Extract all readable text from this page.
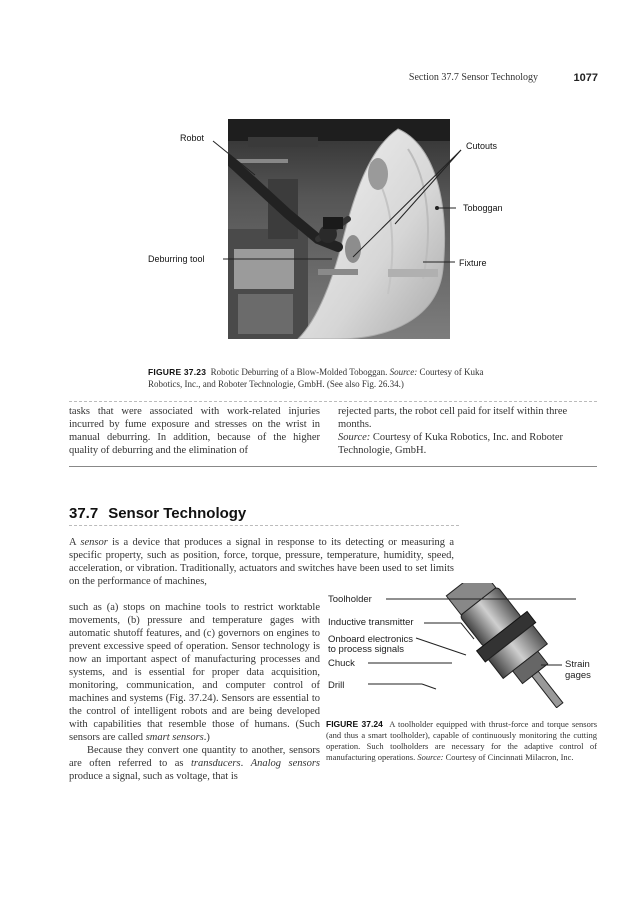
Section 37.7 Sensor Technology	1077
Robot
Deburring tool
Cutouts
Toboggan
Fixture
FIGURE 37.23 Robotic Deburring of a Blow-Molded Toboggan. Source: Courtesy of Kuka Robotics, Inc., and Roboter Technologie, GmbH. (See also Fig. 26.34.)
tasks that were associated with work-related injuries incurred by fume exposure and stresses on the wrist in manual deburring. In addition, because of the higher quality of deburring and the elimination of
rejected parts, the robot cell paid for itself within three months.
Source: Courtesy of Kuka Robotics, Inc. and Roboter Technologie, GmbH.
37.7 Sensor Technology
A sensor is a device that produces a signal in response to its detecting or measuring a specific property, such as position, force, torque, pressure, temperature, humidity, speed, acceleration, or vibration. Traditionally, actuators and switches have been used to set limits on the performance of machines,
such as (a) stops on machine tools to restrict worktable movements, (b) pressure and temperature gages with automatic shutoff features, and (c) governors on engines to prevent excessive speed of operation. Sensor technology is now an important aspect of manufacturing processes and systems, and is essential for proper data acquisition, monitoring, communication, and computer control of machines and systems (Fig. 37.24). Sensors are essential to the control of intelligent robots and are being developed with capabilities that resemble those of humans. (Such sensors are called smart sensors.)
Because they convert one quantity to another, sensors are often referred to as transducers. Analog sensors produce a signal, such as voltage, that is
Toolholder
Inductive transmitter
Onboard electronics
to process signals
Chuck
Drill
Strain
gages
FIGURE 37.24 A toolholder equipped with thrust-force and torque sensors (and thus a smart toolholder), capable of continuously monitoring the cutting operation. Such toolholders are necessary for the adaptive control of manufacturing operations. Source: Courtesy of Cincinnati Milacron, Inc.
